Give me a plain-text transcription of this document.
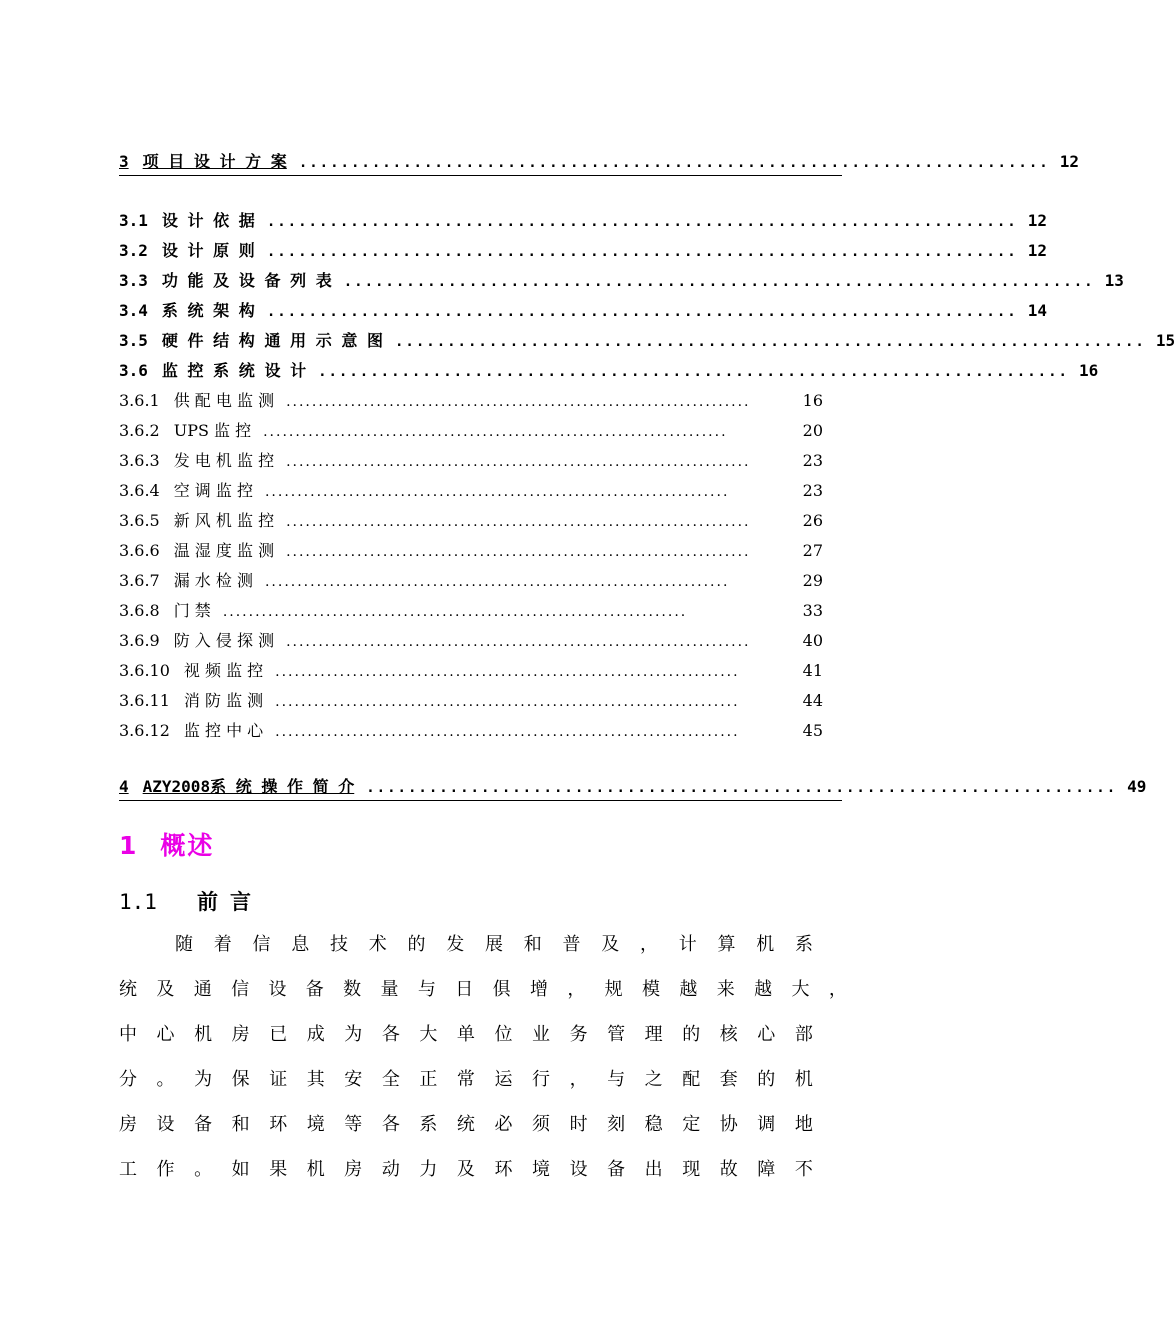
3 项 目 设 计 方 案 ........................................................................ 12
3.1 设 计 依 据 ........................................................................ 12
3.2 设 计 原 则 ........................................................................ 12
3.3 功 能 及 设 备 列 表 ........................................................................ 13
3.4 系 统 架 构 ........................................................................ 14
3.5 硬 件 结 构 通 用 示 意 图 ........................................................................ 15
3.6 监 控 系 统 设 计 ........................................................................ 16
3.6.1 供 配 电 监 测 ........................................................................	16
3.6.2 UPS 监 控 ........................................................................	20
3.6.3 发 电 机 监 控 ........................................................................	23
3.6.4 空 调 监 控 ........................................................................	23
3.6.5 新 风 机 监 控 ........................................................................	26
3.6.6 温 湿 度 监 测 ........................................................................	27
3.6.7 漏 水 检 测 ........................................................................	29
3.6.8 门 禁 ........................................................................	33
3.6.9 防 入 侵 探 测 ........................................................................	40
3.6.10 视 频 监 控 ........................................................................	41
3.6.11 消 防 监 测 ........................................................................	44
3.6.12 监 控 中 心 ........................................................................	45
4 AZY2008系 统 操 作 简 介 ........................................................................ 49
1 概述
1.1 前言
随 着 信 息 技 术 的 发 展 和 普 及 ， 计 算 机 系
统 及 通 信 设 备 数 量 与 日 俱 增 ， 规 模 越 来 越 大 ，
中 心 机 房 已 成 为 各 大 单 位 业 务 管 理 的 核 心 部
分 。 为 保 证 其 安 全 正 常 运 行 ， 与 之 配 套 的 机
房 设 备 和 环 境 等 各 系 统 必 须 时 刻 稳 定 协 调 地
工 作 。 如 果 机 房 动 力 及 环 境 设 备 出 现 故 障 不
